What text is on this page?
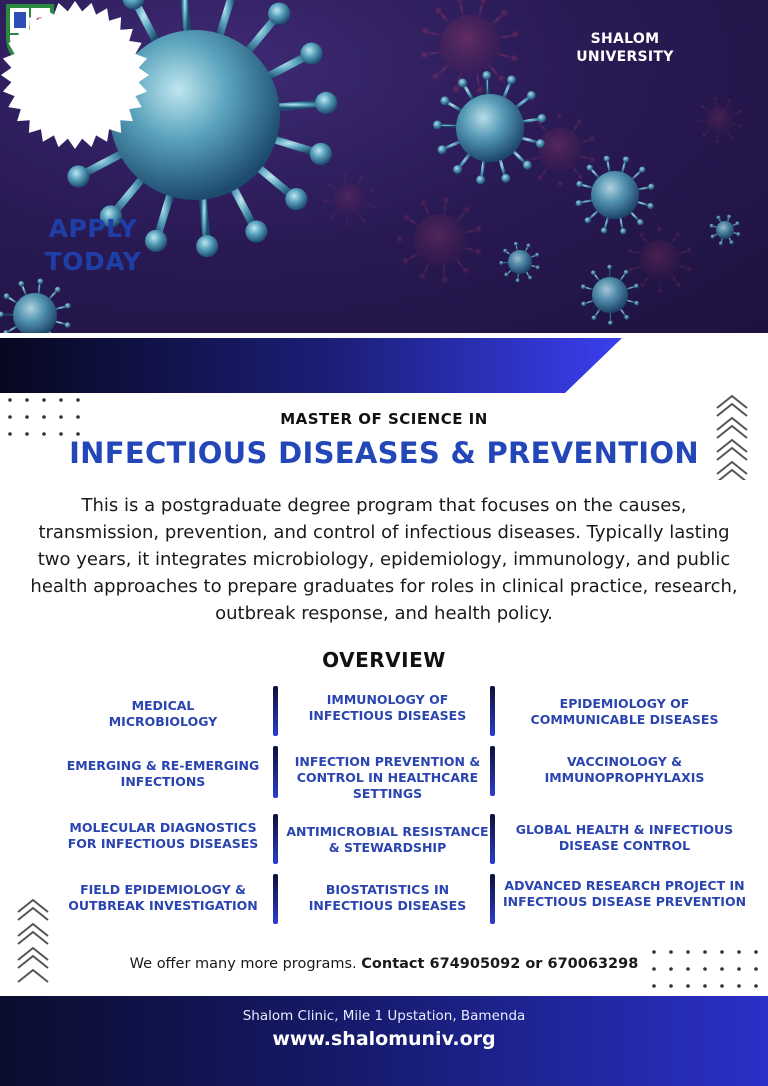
SHALOM
UNIVERSITY
APPLY
TODAY
MASTER OF SCIENCE IN
INFECTIOUS DISEASES & PREVENTION
This is a postgraduate degree program that focuses on the causes, transmission, prevention, and control of infectious diseases. Typically lasting two years, it integrates microbiology, epidemiology, immunology, and public health approaches to prepare graduates for roles in clinical practice, research, outbreak response, and health policy.
OVERVIEW
MEDICAL
MICROBIOLOGY
IMMUNOLOGY OF
INFECTIOUS DISEASES
EPIDEMIOLOGY OF
COMMUNICABLE DISEASES
EMERGING & RE-EMERGING
INFECTIONS
INFECTION PREVENTION &
CONTROL IN HEALTHCARE
SETTINGS
VACCINOLOGY &
IMMUNOPROPHYLAXIS
MOLECULAR DIAGNOSTICS
FOR INFECTIOUS DISEASES
ANTIMICROBIAL RESISTANCE
& STEWARDSHIP
GLOBAL HEALTH & INFECTIOUS
DISEASE CONTROL
FIELD EPIDEMIOLOGY &
OUTBREAK INVESTIGATION
BIOSTATISTICS IN
INFECTIOUS DISEASES
ADVANCED RESEARCH PROJECT IN
INFECTIOUS DISEASE PREVENTION
We offer many more programs. Contact 674905092 or 670063298
Shalom Clinic, Mile 1 Upstation, Bamenda
www.shalomuniv.org
